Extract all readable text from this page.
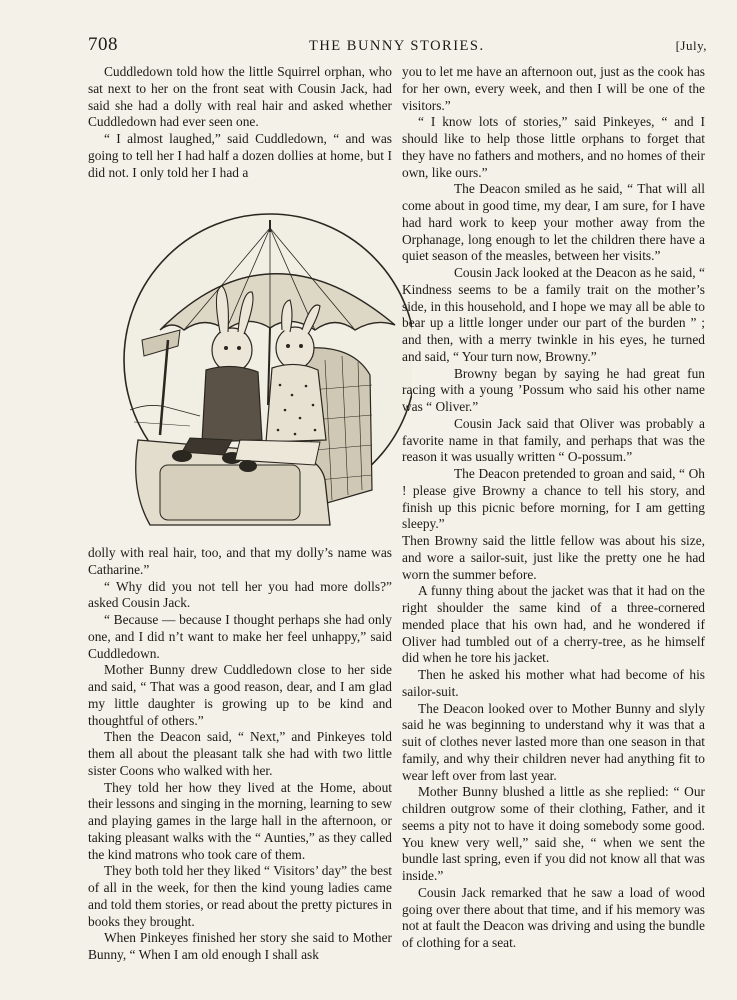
708	THE BUNNY STORIES.	[July,

Cuddledown told how the little Squirrel orphan, who sat next to her on the front seat with Cousin Jack, had said she had a dolly with real hair and asked whether Cuddledown had ever seen one.

“ I almost laughed,” said Cuddledown, “ and was going to tell her I had half a dozen dollies at home, but I did not. I only told her I had a

dolly with real hair, too, and that my dolly’s name was Catharine.”

“ Why did you not tell her you had more dolls?” asked Cousin Jack.

“ Because — because I thought perhaps she had only one, and I did n’t want to make her feel unhappy,” said Cuddledown.

Mother Bunny drew Cuddledown close to her side and said, “ That was a good reason, dear, and I am glad my little daughter is growing up to be kind and thoughtful of others.”

Then the Deacon said, “ Next,” and Pinkeyes told them all about the pleasant talk she had with two little sister Coons who walked with her.

They told her how they lived at the Home, about their lessons and singing in the morning, learning to sew and playing games in the large hall in the afternoon, or taking pleasant walks with the “ Aunties,” as they called the kind matrons who took care of them.

They both told her they liked “ Visitors’ day” the best of all in the week, for then the kind young ladies came and told them stories, or read about the pretty pictures in books they brought.

When Pinkeyes finished her story she said to Mother Bunny, “ When I am old enough I shall ask

you to let me have an afternoon out, just as the cook has for her own, every week, and then I will be one of the visitors.”

“ I know lots of stories,” said Pinkeyes, “ and I should like to help those little orphans to forget that they have no fathers and mothers, and no homes of their own, like ours.”

The Deacon smiled as he said, “ That will all come about in good time, my dear, I am sure, for I have had hard work to keep your mother away from the Orphanage, long enough to let the children there have a quiet season of the measles, between her visits.”

Cousin Jack looked at the Deacon as he said, “ Kindness seems to be a family trait on the mother’s side, in this household, and I hope we may all be able to bear up a little longer under our part of the burden ” ; and then, with a merry twinkle in his eyes, he turned and said, “ Your turn now, Browny.”

Browny began by saying he had great fun racing with a young ’Possum who said his other name was “ Oliver.”

Cousin Jack said that Oliver was probably a favorite name in that family, and perhaps that was the reason it was usually written “ O-possum.”

The Deacon pretended to groan and said, “ Oh ! please give Browny a chance to tell his story, and finish up this picnic before morning, for I am getting sleepy.”

Then Browny said the little fellow was about his size, and wore a sailor-suit, just like the pretty one he had worn the summer before.

A funny thing about the jacket was that it had on the right shoulder the same kind of a three-cornered mended place that his own had, and he wondered if Oliver had tumbled out of a cherry-tree, as he himself did when he tore his jacket.

Then he asked his mother what had become of his sailor-suit.

The Deacon looked over to Mother Bunny and slyly said he was beginning to understand why it was that a suit of clothes never lasted more than one season in that family, and why their children never had anything fit to wear left over from last year.

Mother Bunny blushed a little as she replied: “ Our children outgrow some of their clothing, Father, and it seems a pity not to have it doing somebody some good. You knew very well,” said she, “ when we sent the bundle last spring, even if you did not know all that was inside.”

Cousin Jack remarked that he saw a load of wood going over there about that time, and if his memory was not at fault the Deacon was driving and using the bundle of clothing for a seat.
